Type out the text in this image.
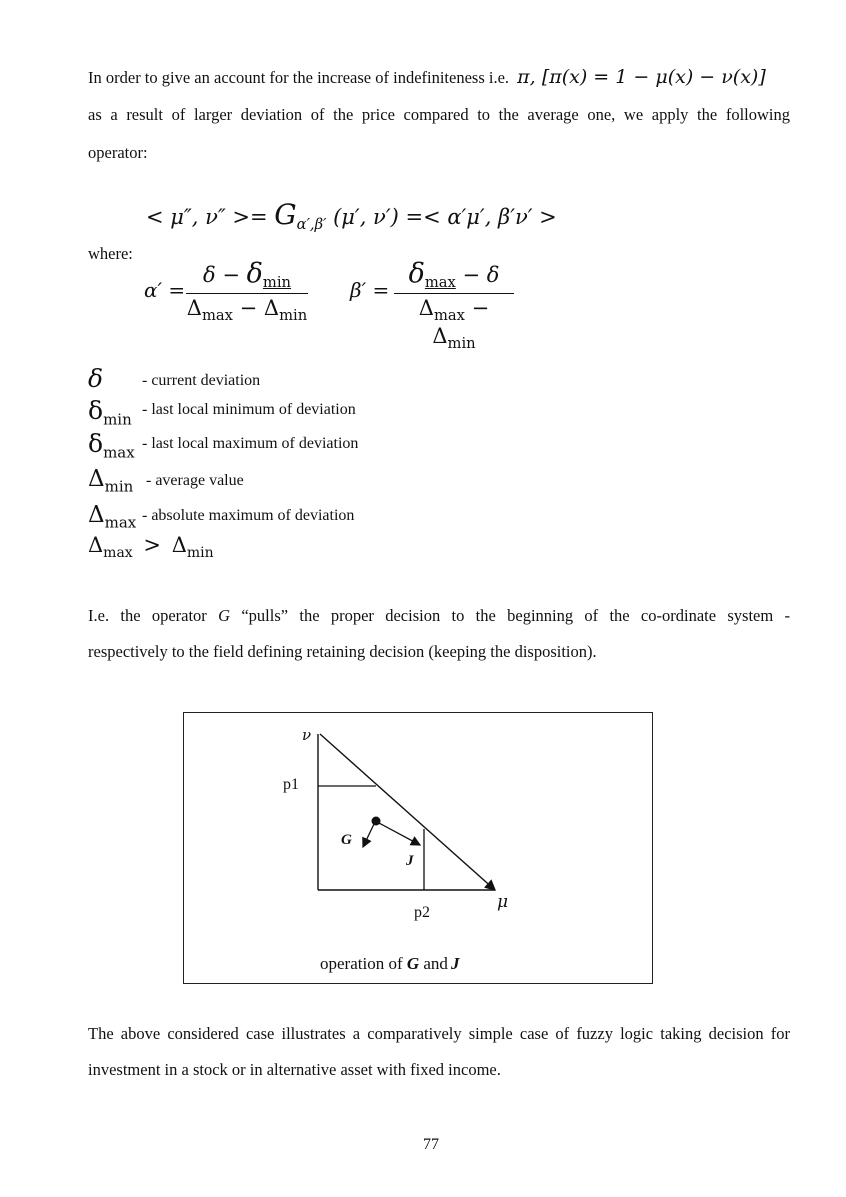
In order to give an account for the increase of indefiniteness i.e. π, [π(x) = 1 − μ(x) − ν(x)]
as a result of larger deviation of the price compared to the average one, we apply the following
operator:
< μ″, $\nu'' >= G_{\alpha',\beta'}$ (μ′, ν′) =< α′μ′, β′ν′ >
where:
α′ =
$\delta - \delta_{min}$
$\Delta_{max} - \Delta_{min}$
β′ =
$\delta_{max} - \delta$
$\Delta_{max} - \Delta_{min}$
δ - current deviation
$\delta_{min}$
- last local minimum of deviation
$\delta_{max}$ - last local maximum of deviation
$\Delta_{min}$ - average value
$\Delta_{max}$ - absolute maximum of deviation
$\Delta_{max} > \Delta_{min}$
I.e. the operator G “pulls” the proper decision to the beginning of the co-ordinate system -
respectively to the field defining retaining decision (keeping the disposition).
ν
p1
G
J
p2
μ
operation of G and J
The above considered case illustrates a comparatively simple case of fuzzy logic taking decision for
investment in a stock or in alternative asset with fixed income.
77
